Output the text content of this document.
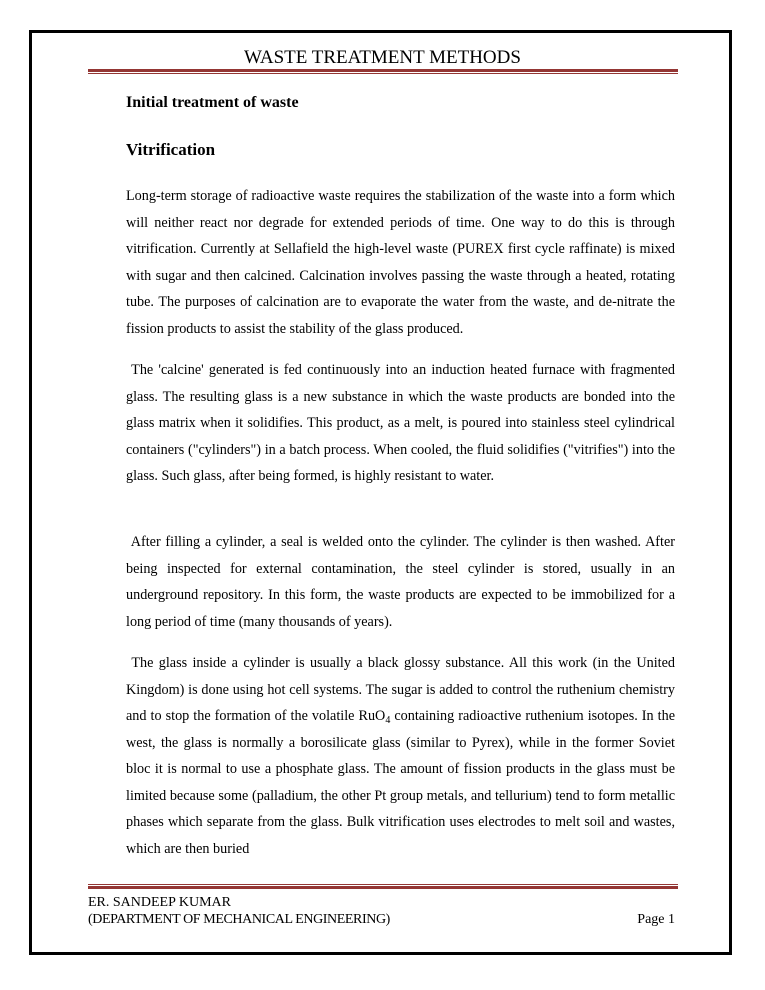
WASTE TREATMENT METHODS
Initial treatment of waste
Vitrification

Long-term storage of radioactive waste requires the stabilization of the waste into a form which will neither react nor degrade for extended periods of time. One way to do this is through vitrification. Currently at Sellafield the high-level waste (PUREX first cycle raffinate) is mixed with sugar and then calcined. Calcination involves passing the waste through a heated, rotating tube. The purposes of calcination are to evaporate the water from the waste, and de-nitrate the fission products to assist the stability of the glass produced.

The 'calcine' generated is fed continuously into an induction heated furnace with fragmented glass. The resulting glass is a new substance in which the waste products are bonded into the glass matrix when it solidifies. This product, as a melt, is poured into stainless steel cylindrical containers ("cylinders") in a batch process. When cooled, the fluid solidifies ("vitrifies") into the glass. Such glass, after being formed, is highly resistant to water.

After filling a cylinder, a seal is welded onto the cylinder. The cylinder is then washed. After being inspected for external contamination, the steel cylinder is stored, usually in an underground repository. In this form, the waste products are expected to be immobilized for a long period of time (many thousands of years).

The glass inside a cylinder is usually a black glossy substance. All this work (in the United Kingdom) is done using hot cell systems. The sugar is added to control the ruthenium chemistry and to stop the formation of the volatile RuO$_4$ containing radioactive ruthenium isotopes. In the west, the glass is normally a borosilicate glass (similar to Pyrex), while in the former Soviet bloc it is normal to use a phosphate glass. The amount of fission products in the glass must be limited because some (palladium, the other Pt group metals, and tellurium) tend to form metallic phases which separate from the glass. Bulk vitrification uses electrodes to melt soil and wastes, which are then buried

ER. SANDEEP KUMAR
(DEPARTMENT OF MECHANICAL ENGINEERING)	Page 1
